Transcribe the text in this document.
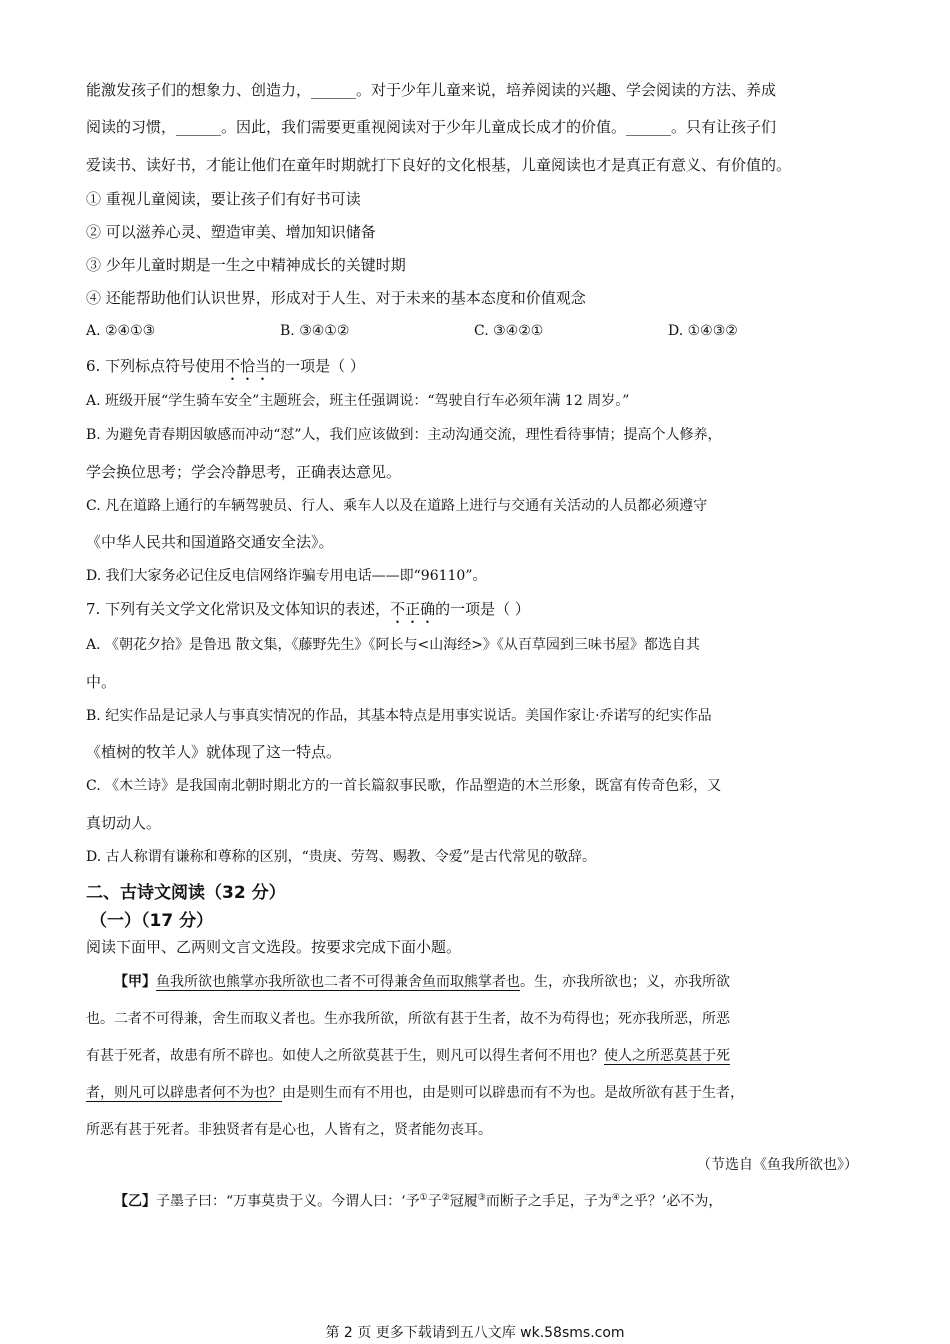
能激发孩子们的想象力、创造力，______。对于少年儿童来说，培养阅读的兴趣、学会阅读的方法、养成
阅读的习惯，______。因此，我们需要更重视阅读对于少年儿童成长成才的价值。______。只有让孩子们
爱读书、读好书，才能让他们在童年时期就打下良好的文化根基，儿童阅读也才是真正有意义、有价值的。
① 重视儿童阅读，要让孩子们有好书可读
② 可以滋养心灵、塑造审美、增加知识储备
③ 少年儿童时期是一生之中精神成长的关键时期
④ 还能帮助他们认识世界，形成对于人生、对于未来的基本态度和价值观念
A. ②④①③	B. ③④①②	C. ③④②①	D. ①④③②
6. 下列标点符号使用不恰当的一项是（ ）
A. 班级开展“学生骑车安全”主题班会，班主任强调说：“驾驶自行车必须年满 12 周岁。”
B. 为避免青春期因敏感而冲动“怼”人，我们应该做到：主动沟通交流，理性看待事情；提高个人修养，
学会换位思考；学会冷静思考，正确表达意见。
C. 凡在道路上通行的车辆驾驶员、行人、乘车人以及在道路上进行与交通有关活动的人员都必须遵守
《中华人民共和国道路交通安全法》。
D. 我们大家务必记住反电信网络诈骗专用电话——即“96110”。
7. 下列有关文学文化常识及文体知识的表述，不正确的一项是（ ）
A. 《朝花夕拾》是鲁迅 散文集，《藤野先生》《阿长与<山海经>》《从百草园到三味书屋》都选自其
中。
B. 纪实作品是记录人与事真实情况的作品，其基本特点是用事实说话。美国作家让·乔诺写的纪实作品
《植树的牧羊人》就体现了这一特点。
C. 《木兰诗》是我国南北朝时期北方的一首长篇叙事民歌，作品塑造的木兰形象，既富有传奇色彩，又
真切动人。
D. 古人称谓有谦称和尊称的区别，“贵庚、劳驾、赐教、令爱”是古代常见的敬辞。
二、古诗文阅读（32 分）
（一）（17 分）
阅读下面甲、乙两则文言文选段。按要求完成下面小题。
【甲】鱼我所欲也熊掌亦我所欲也二者不可得兼舍鱼而取熊掌者也。生，亦我所欲也；义，亦我所欲
也。二者不可得兼，舍生而取义者也。生亦我所欲，所欲有甚于生者，故不为苟得也；死亦我所恶，所恶
有甚于死者，故患有所不辟也。如使人之所欲莫甚于生，则凡可以得生者何不用也？使人之所恶莫甚于死
者，则凡可以辟患者何不为也？由是则生而有不用也，由是则可以辟患而有不为也。是故所欲有甚于生者，
所恶有甚于死者。非独贤者有是心也，人皆有之，贤者能勿丧耳。
（节选自《鱼我所欲也》）
【乙】子墨子曰：“万事莫贵于义。今谓人曰：‘予①子②冠履③而断子之手足，子为④之乎？’必不为，
第 2 页 更多下载请到五八文库 wk.58sms.com
